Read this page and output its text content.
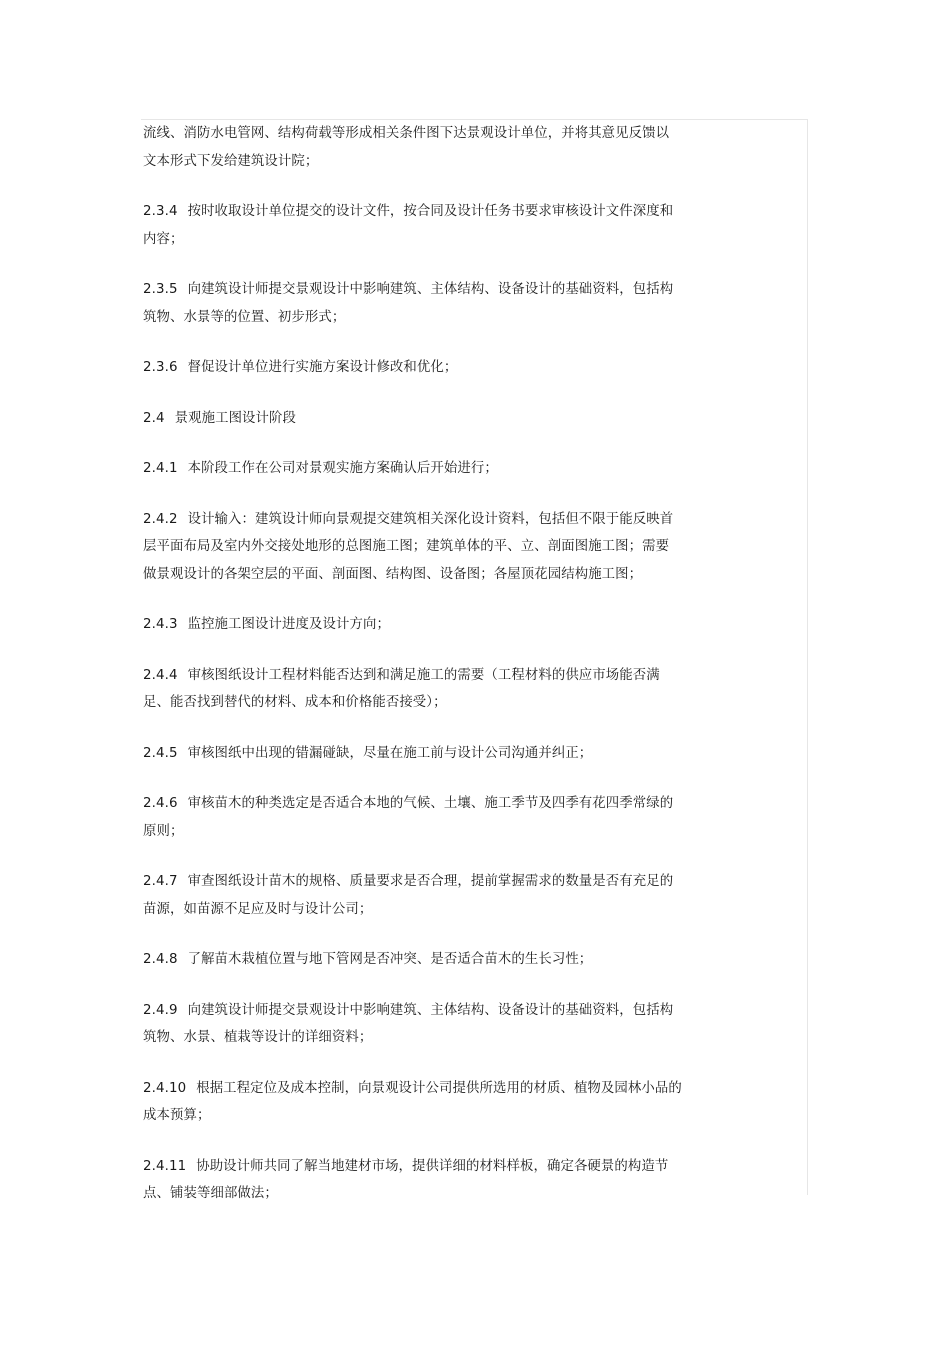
流线、消防水电管网、结构荷载等形成相关条件图下达景观设计单位，并将其意见反馈以
文本形式下发给建筑设计院；
2.3.4 按时收取设计单位提交的设计文件，按合同及设计任务书要求审核设计文件深度和
内容；
2.3.5 向建筑设计师提交景观设计中影响建筑、主体结构、设备设计的基础资料，包括构
筑物、水景等的位置、初步形式；
2.3.6 督促设计单位进行实施方案设计修改和优化；
2.4 景观施工图设计阶段
2.4.1 本阶段工作在公司对景观实施方案确认后开始进行；
2.4.2 设计输入：建筑设计师向景观提交建筑相关深化设计资料，包括但不限于能反映首
层平面布局及室内外交接处地形的总图施工图；建筑单体的平、立、剖面图施工图；需要
做景观设计的各架空层的平面、剖面图、结构图、设备图；各屋顶花园结构施工图；
2.4.3 监控施工图设计进度及设计方向；
2.4.4 审核图纸设计工程材料能否达到和满足施工的需要（工程材料的供应市场能否满
足、能否找到替代的材料、成本和价格能否接受）；
2.4.5 审核图纸中出现的错漏碰缺，尽量在施工前与设计公司沟通并纠正；
2.4.6 审核苗木的种类选定是否适合本地的气候、土壤、施工季节及四季有花四季常绿的
原则；
2.4.7 审查图纸设计苗木的规格、质量要求是否合理，提前掌握需求的数量是否有充足的
苗源，如苗源不足应及时与设计公司；
2.4.8 了解苗木栽植位置与地下管网是否冲突、是否适合苗木的生长习性；
2.4.9 向建筑设计师提交景观设计中影响建筑、主体结构、设备设计的基础资料，包括构
筑物、水景、植栽等设计的详细资料；
2.4.10 根据工程定位及成本控制，向景观设计公司提供所选用的材质、植物及园林小品的
成本预算；
2.4.11 协助设计师共同了解当地建材市场，提供详细的材料样板，确定各硬景的构造节
点、铺装等细部做法；
